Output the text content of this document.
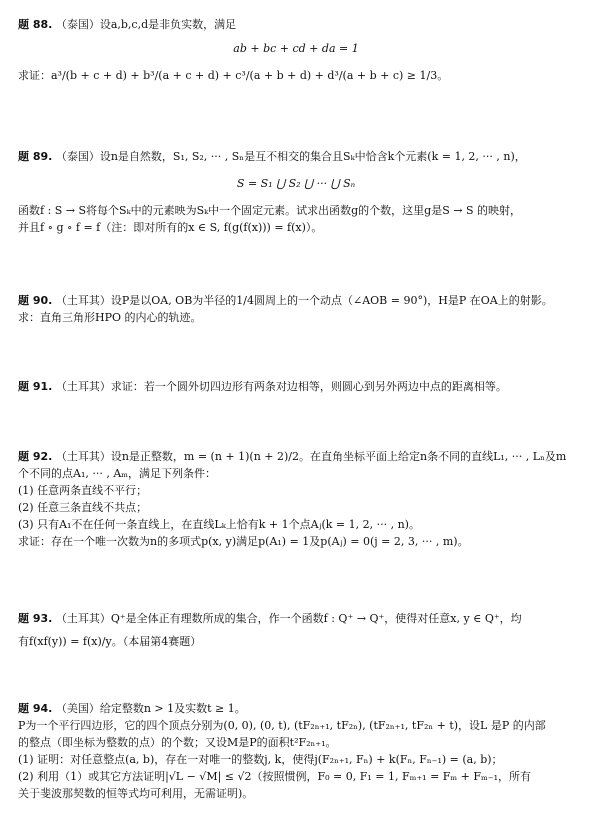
题 88. （泰国）设a,b,c,d是非负实数，满足
ab + bc + cd + da = 1
求证：a³/(b + c + d) + b³/(a + c + d) + c³/(a + b + d) + d³/(a + b + c) ≥ 1/3。
题 89. （泰国）设n是自然数，S₁, S₂, ··· , Sₙ是互不相交的集合且Sₖ中恰含k个元素(k = 1, 2, ··· , n)，
S = S₁ ⋃ S₂ ⋃ ··· ⋃ Sₙ
函数f : S → S将每个Sₖ中的元素映为Sₖ中一个固定元素。试求出函数g的个数，这里g是S → S 的映射，
并且f ∘ g ∘ f = f（注：即对所有的x ∈ S, f(g(f(x))) = f(x)）。
题 90. （土耳其）设P是以OA, OB为半径的1/4圆周上的一个动点（∠AOB = 90°)，H是P 在OA上的射影。
求：直角三角形HPO 的内心的轨迹。
题 91. （土耳其）求证：若一个圆外切四边形有两条对边相等，则圆心到另外两边中点的距离相等。
题 92. （土耳其）设n是正整数，m = (n + 1)(n + 2)/2。在直角坐标平面上给定n条不同的直线L₁, ··· , Lₙ及m
个不同的点A₁, ··· , Aₘ，满足下列条件：
(1) 任意两条直线不平行；
(2) 任意三条直线不共点；
(3) 只有A₁不在任何一条直线上，在直线Lₖ上恰有k + 1个点Aⱼ(k = 1, 2, ··· , n)。
求证：存在一个唯一次数为n的多项式p(x, y)满足p(A₁) = 1及p(Aⱼ) = 0(j = 2, 3, ··· , m)。
题 93. （土耳其）Q⁺是全体正有理数所成的集合，作一个函数f : Q⁺ → Q⁺，使得对任意x, y ∈ Q⁺，均
有f(xf(y)) = f(x)/y。（本届第4赛题）
题 94. （美国）给定整数n > 1及实数t ≥ 1。
P为一个平行四边形，它的四个顶点分别为(0, 0), (0, t), (tF₂ₙ₊₁, tF₂ₙ), (tF₂ₙ₊₁, tF₂ₙ + t)，设L 是P 的内部
的整点（即坐标为整数的点）的个数；又设M是P的面积t²F₂ₙ₊₁。
(1) 证明：对任意整点(a, b)，存在一对唯一的整数j, k，使得j(F₂ₙ₊₁, Fₙ) + k(Fₙ, Fₙ₋₁) = (a, b)；
(2) 利用（1）或其它方法证明|√L − √M| ≤ √2（按照惯例，F₀ = 0, F₁ = 1, Fₘ₊₁ = Fₘ + Fₘ₋₁，所有
关于斐波那契数的恒等式均可利用，无需证明)。
